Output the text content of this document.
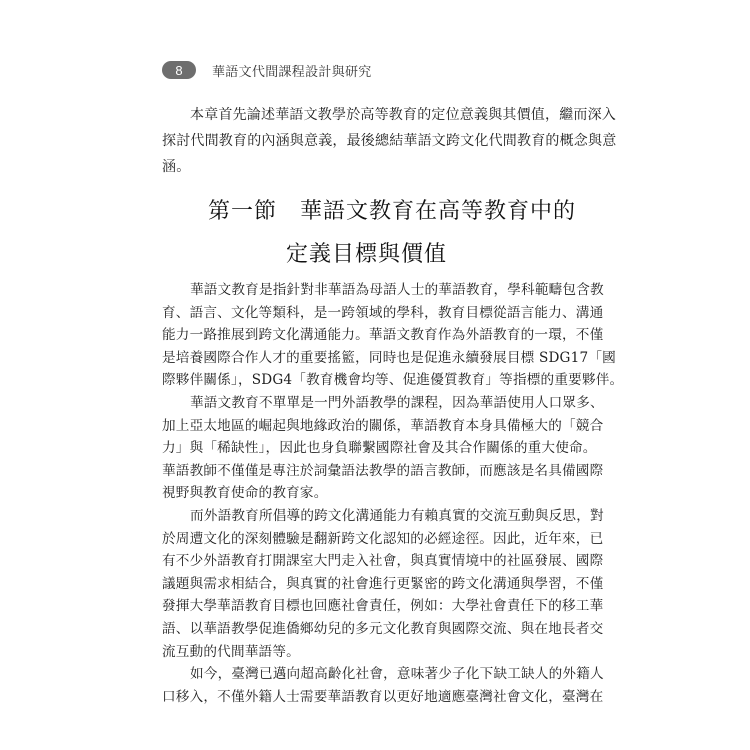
8	華語文代間課程設計與研究
本章首先論述華語文教學於高等教育的定位意義與其價值，繼而深入
探討代間教育的內涵與意義，最後總結華語文跨文化代間教育的概念與意
涵。
第一節　華語文教育在高等教育中的
定義目標與價值
華語文教育是指針對非華語為母語人士的華語教育，學科範疇包含教
育、語言、文化等類科，是一跨領域的學科，教育目標從語言能力、溝通
能力一路推展到跨文化溝通能力。華語文教育作為外語教育的一環，不僅
是培養國際合作人才的重要搖籃，同時也是促進永續發展目標 SDG17「國
際夥伴關係」，SDG4「教育機會均等、促進優質教育」等指標的重要夥伴。
華語文教育不單單是一門外語教學的課程，因為華語使用人口眾多、
加上亞太地區的崛起與地緣政治的關係，華語教育本身具備極大的「競合
力」與「稀缺性」，因此也身負聯繫國際社會及其合作關係的重大使命。
華語教師不僅僅是專注於詞彙語法教學的語言教師，而應該是名具備國際
視野與教育使命的教育家。
而外語教育所倡導的跨文化溝通能力有賴真實的交流互動與反思，對
於周遭文化的深刻體驗是翻新跨文化認知的必經途徑。因此，近年來，已
有不少外語教育打開課室大門走入社會，與真實情境中的社區發展、國際
議題與需求相結合，與真實的社會進行更緊密的跨文化溝通與學習，不僅
發揮大學華語教育目標也回應社會責任，例如：大學社會責任下的移工華
語、以華語教學促進僑鄉幼兒的多元文化教育與國際交流、與在地長者交
流互動的代間華語等。
如今，臺灣已邁向超高齡化社會，意味著少子化下缺工缺人的外籍人
口移入，不僅外籍人士需要華語教育以更好地適應臺灣社會文化，臺灣在
